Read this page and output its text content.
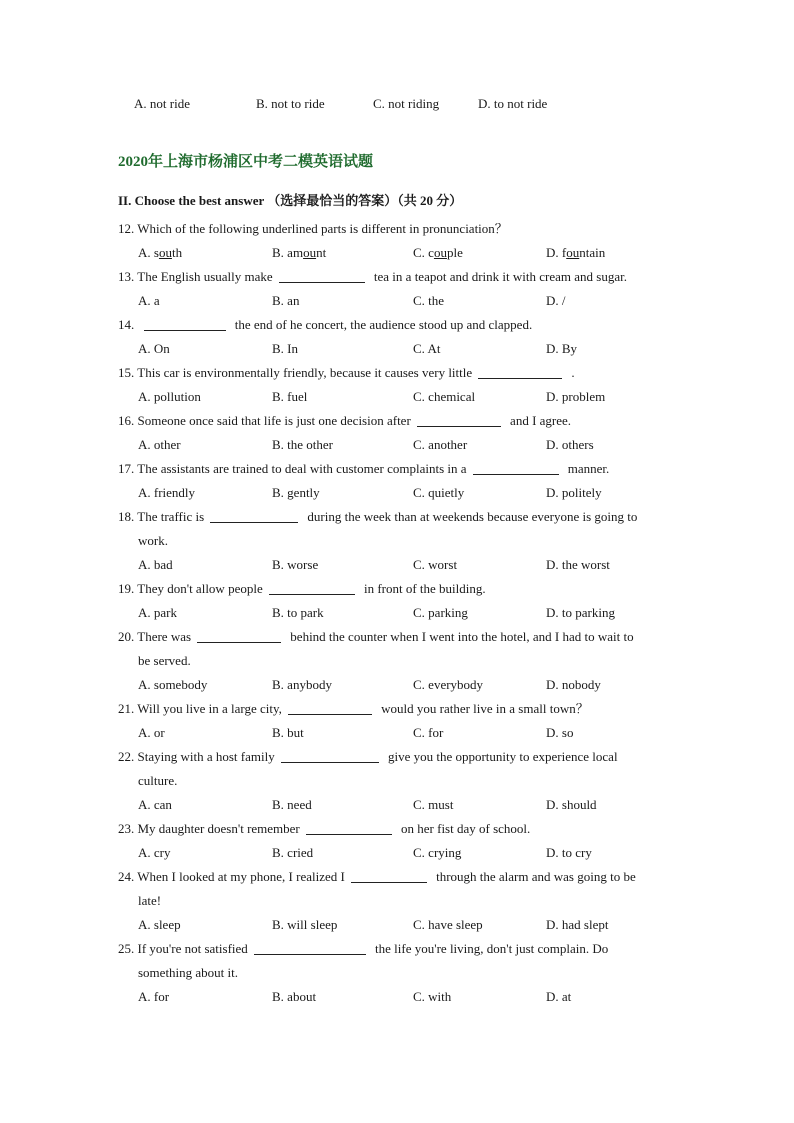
A. not ride	B. not to ride	C. not riding	D. to not ride
2020年上海市杨浦区中考二模英语试题
II. Choose the best answer （选择最恰当的答案）（共 20 分）
12. Which of the following underlined parts is different in pronunciation？
A. south	B. amount	C. couple	D. fountain
13. The English usually make	tea in a teapot and drink it with cream and sugar.
A. a	B. an	C. the	D. /
14.	the end of he concert, the audience stood up and clapped.
A. On	B. In	C. At	D. By
15. This car is environmentally friendly, because it causes very little	.
A. pollution	B. fuel	C. chemical	D. problem
16. Someone once said that life is just one decision after	and I agree.
A. other	B. the other	C. another	D. others
17. The assistants are trained to deal with customer complaints in a	manner.
A. friendly	B. gently	C. quietly	D. politely
18. The traffic is	during the week than at weekends because everyone is going to
work.
A. bad	B. worse	C. worst	D. the worst
19. They don't allow people	in front of the building.
A. park	B. to park	C. parking	D. to parking
20. There was	behind the counter when I went into the hotel, and I had to wait to
be served.
A. somebody	B. anybody	C. everybody	D. nobody
21. Will you live in a large city,	would you rather live in a small town？
A. or	B. but	C. for	D. so
22. Staying with a host family	give you the opportunity to experience local
culture.
A. can	B. need	C. must	D. should
23. My daughter doesn't remember	on her fist day of school.
A. cry	B. cried	C. crying	D. to cry
24. When I looked at my phone, I realized I	through the alarm and was going to be
late!
A. sleep	B. will sleep	C. have sleep	D. had slept
25. If you're not satisfied	the life you're living, don't just complain. Do
something about it.
A. for	B. about	C. with	D. at
